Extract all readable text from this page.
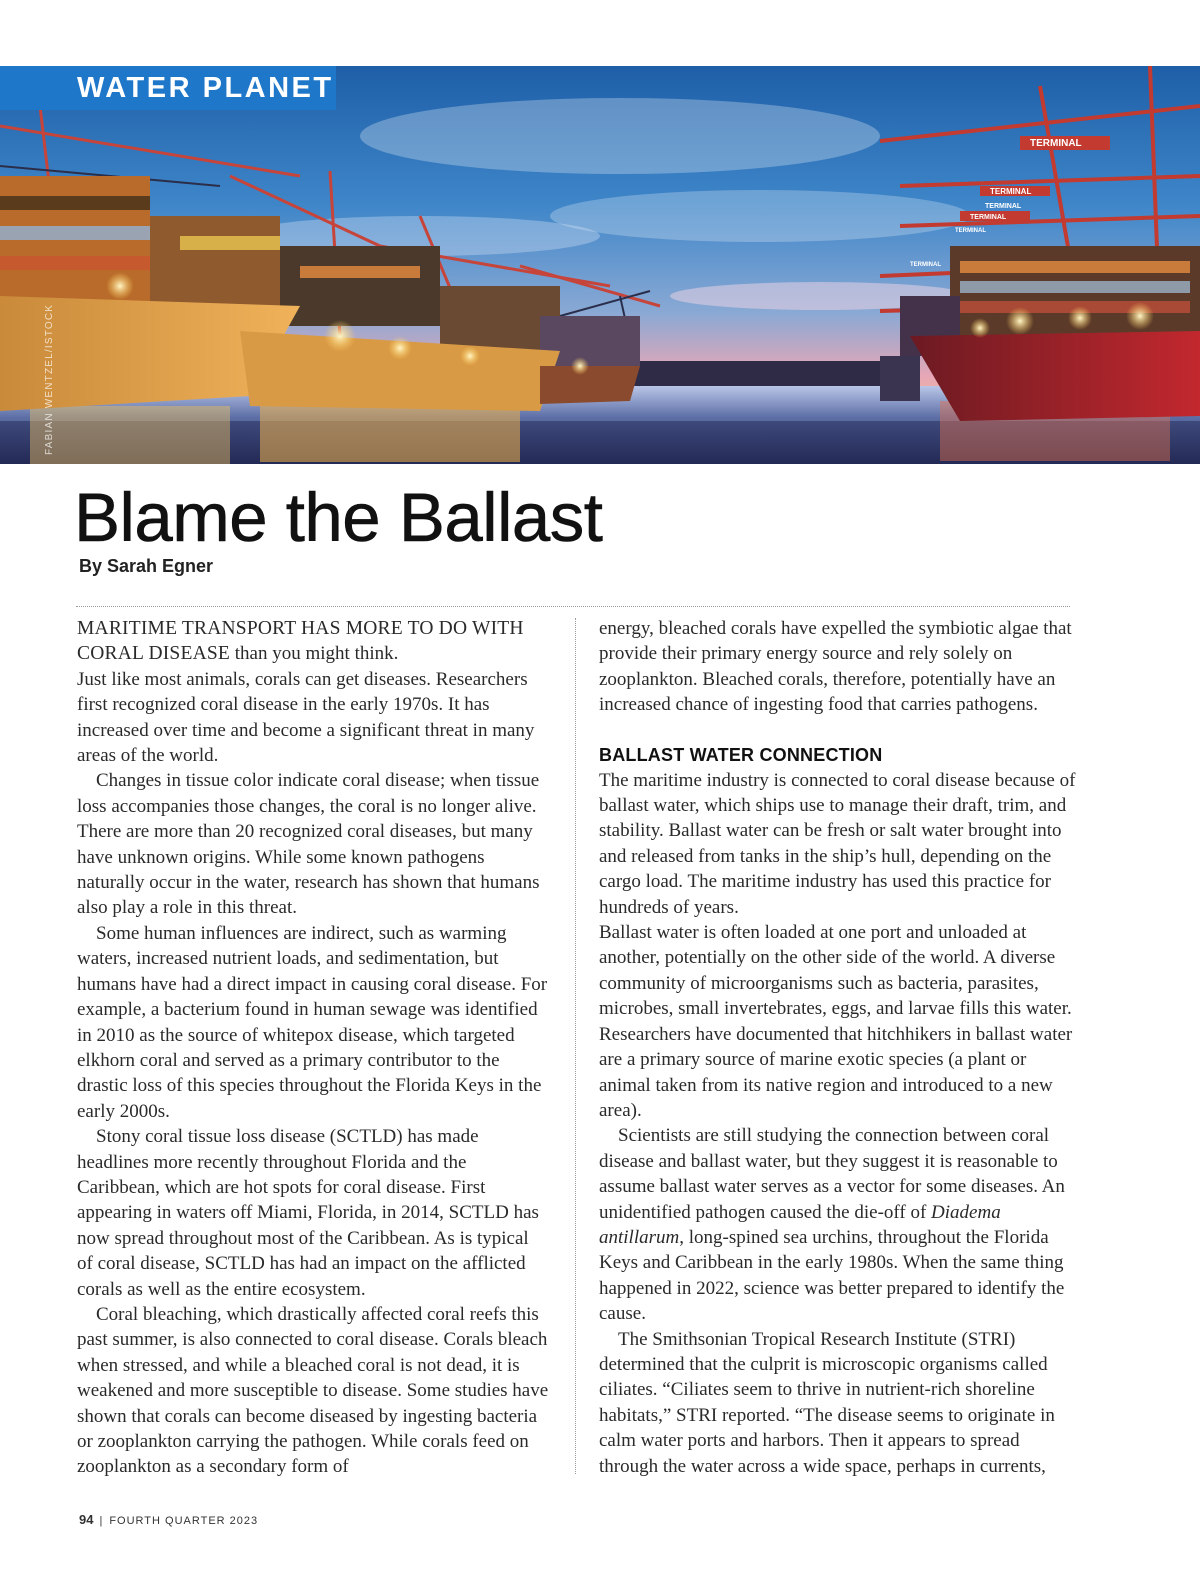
TERMINAL
TERMINAL
TERMINAL
TERMINAL
TERMINAL
TERMINAL
WATER PLANET
FABIAN WENTZEL/ISTOCK
Blame the Ballast
By Sarah Egner

MARITIME TRANSPORT HAS MORE TO DO WITH CORAL DISEASE than you might think.

Just like most animals, corals can get diseases. Researchers first recognized coral disease in the early 1970s. It has increased over time and become a significant threat in many areas of the world.

Changes in tissue color indicate coral disease; when tissue loss accompanies those changes, the coral is no longer alive. There are more than 20 recognized coral diseases, but many have unknown origins. While some known pathogens naturally occur in the water, research has shown that humans also play a role in this threat.

Some human influences are indirect, such as warming waters, increased nutrient loads, and sedimentation, but humans have had a direct impact in causing coral disease. For example, a bacterium found in human sewage was identified in 2010 as the source of whitepox disease, which targeted elkhorn coral and served as a primary contributor to the drastic loss of this species throughout the Florida Keys in the early 2000s.

Stony coral tissue loss disease (SCTLD) has made headlines more recently throughout Florida and the Caribbean, which are hot spots for coral disease. First appearing in waters off Miami, Florida, in 2014, SCTLD has now spread throughout most of the Caribbean. As is typical of coral disease, SCTLD has had an impact on the afflicted corals as well as the entire ecosystem.

Coral bleaching, which drastically affected coral reefs this past summer, is also connected to coral disease. Corals bleach when stressed, and while a bleached coral is not dead, it is weakened and more susceptible to disease. Some studies have shown that corals can become diseased by ingesting bacteria or zooplankton carrying the pathogen. While corals feed on zooplankton as a secondary form of

energy, bleached corals have expelled the symbiotic algae that provide their primary energy source and rely solely on zooplankton. Bleached corals, therefore, potentially have an increased chance of ingesting food that carries pathogens.

BALLAST WATER CONNECTION

The maritime industry is connected to coral disease because of ballast water, which ships use to manage their draft, trim, and stability. Ballast water can be fresh or salt water brought into and released from tanks in the ship’s hull, depending on the cargo load. The maritime industry has used this practice for hundreds of years.

Ballast water is often loaded at one port and unloaded at another, potentially on the other side of the world. A diverse community of microorganisms such as bacteria, parasites, microbes, small invertebrates, eggs, and larvae fills this water. Researchers have documented that hitchhikers in ballast water are a primary source of marine exotic species (a plant or animal taken from its native region and introduced to a new area).

Scientists are still studying the connection between coral disease and ballast water, but they suggest it is reasonable to assume ballast water serves as a vector for some diseases. An unidentified pathogen caused the die-off of Diadema antillarum, long-spined sea urchins, throughout the Florida Keys and Caribbean in the early 1980s. When the same thing happened in 2022, science was better prepared to identify the cause.

The Smithsonian Tropical Research Institute (STRI) determined that the culprit is microscopic organisms called ciliates. “Ciliates seem to thrive in nutrient-rich shoreline habitats,” STRI reported. “The disease seems to originate in calm water ports and harbors. Then it appears to spread through the water across a wide space, perhaps in currents,

94 | FOURTH QUARTER 2023
